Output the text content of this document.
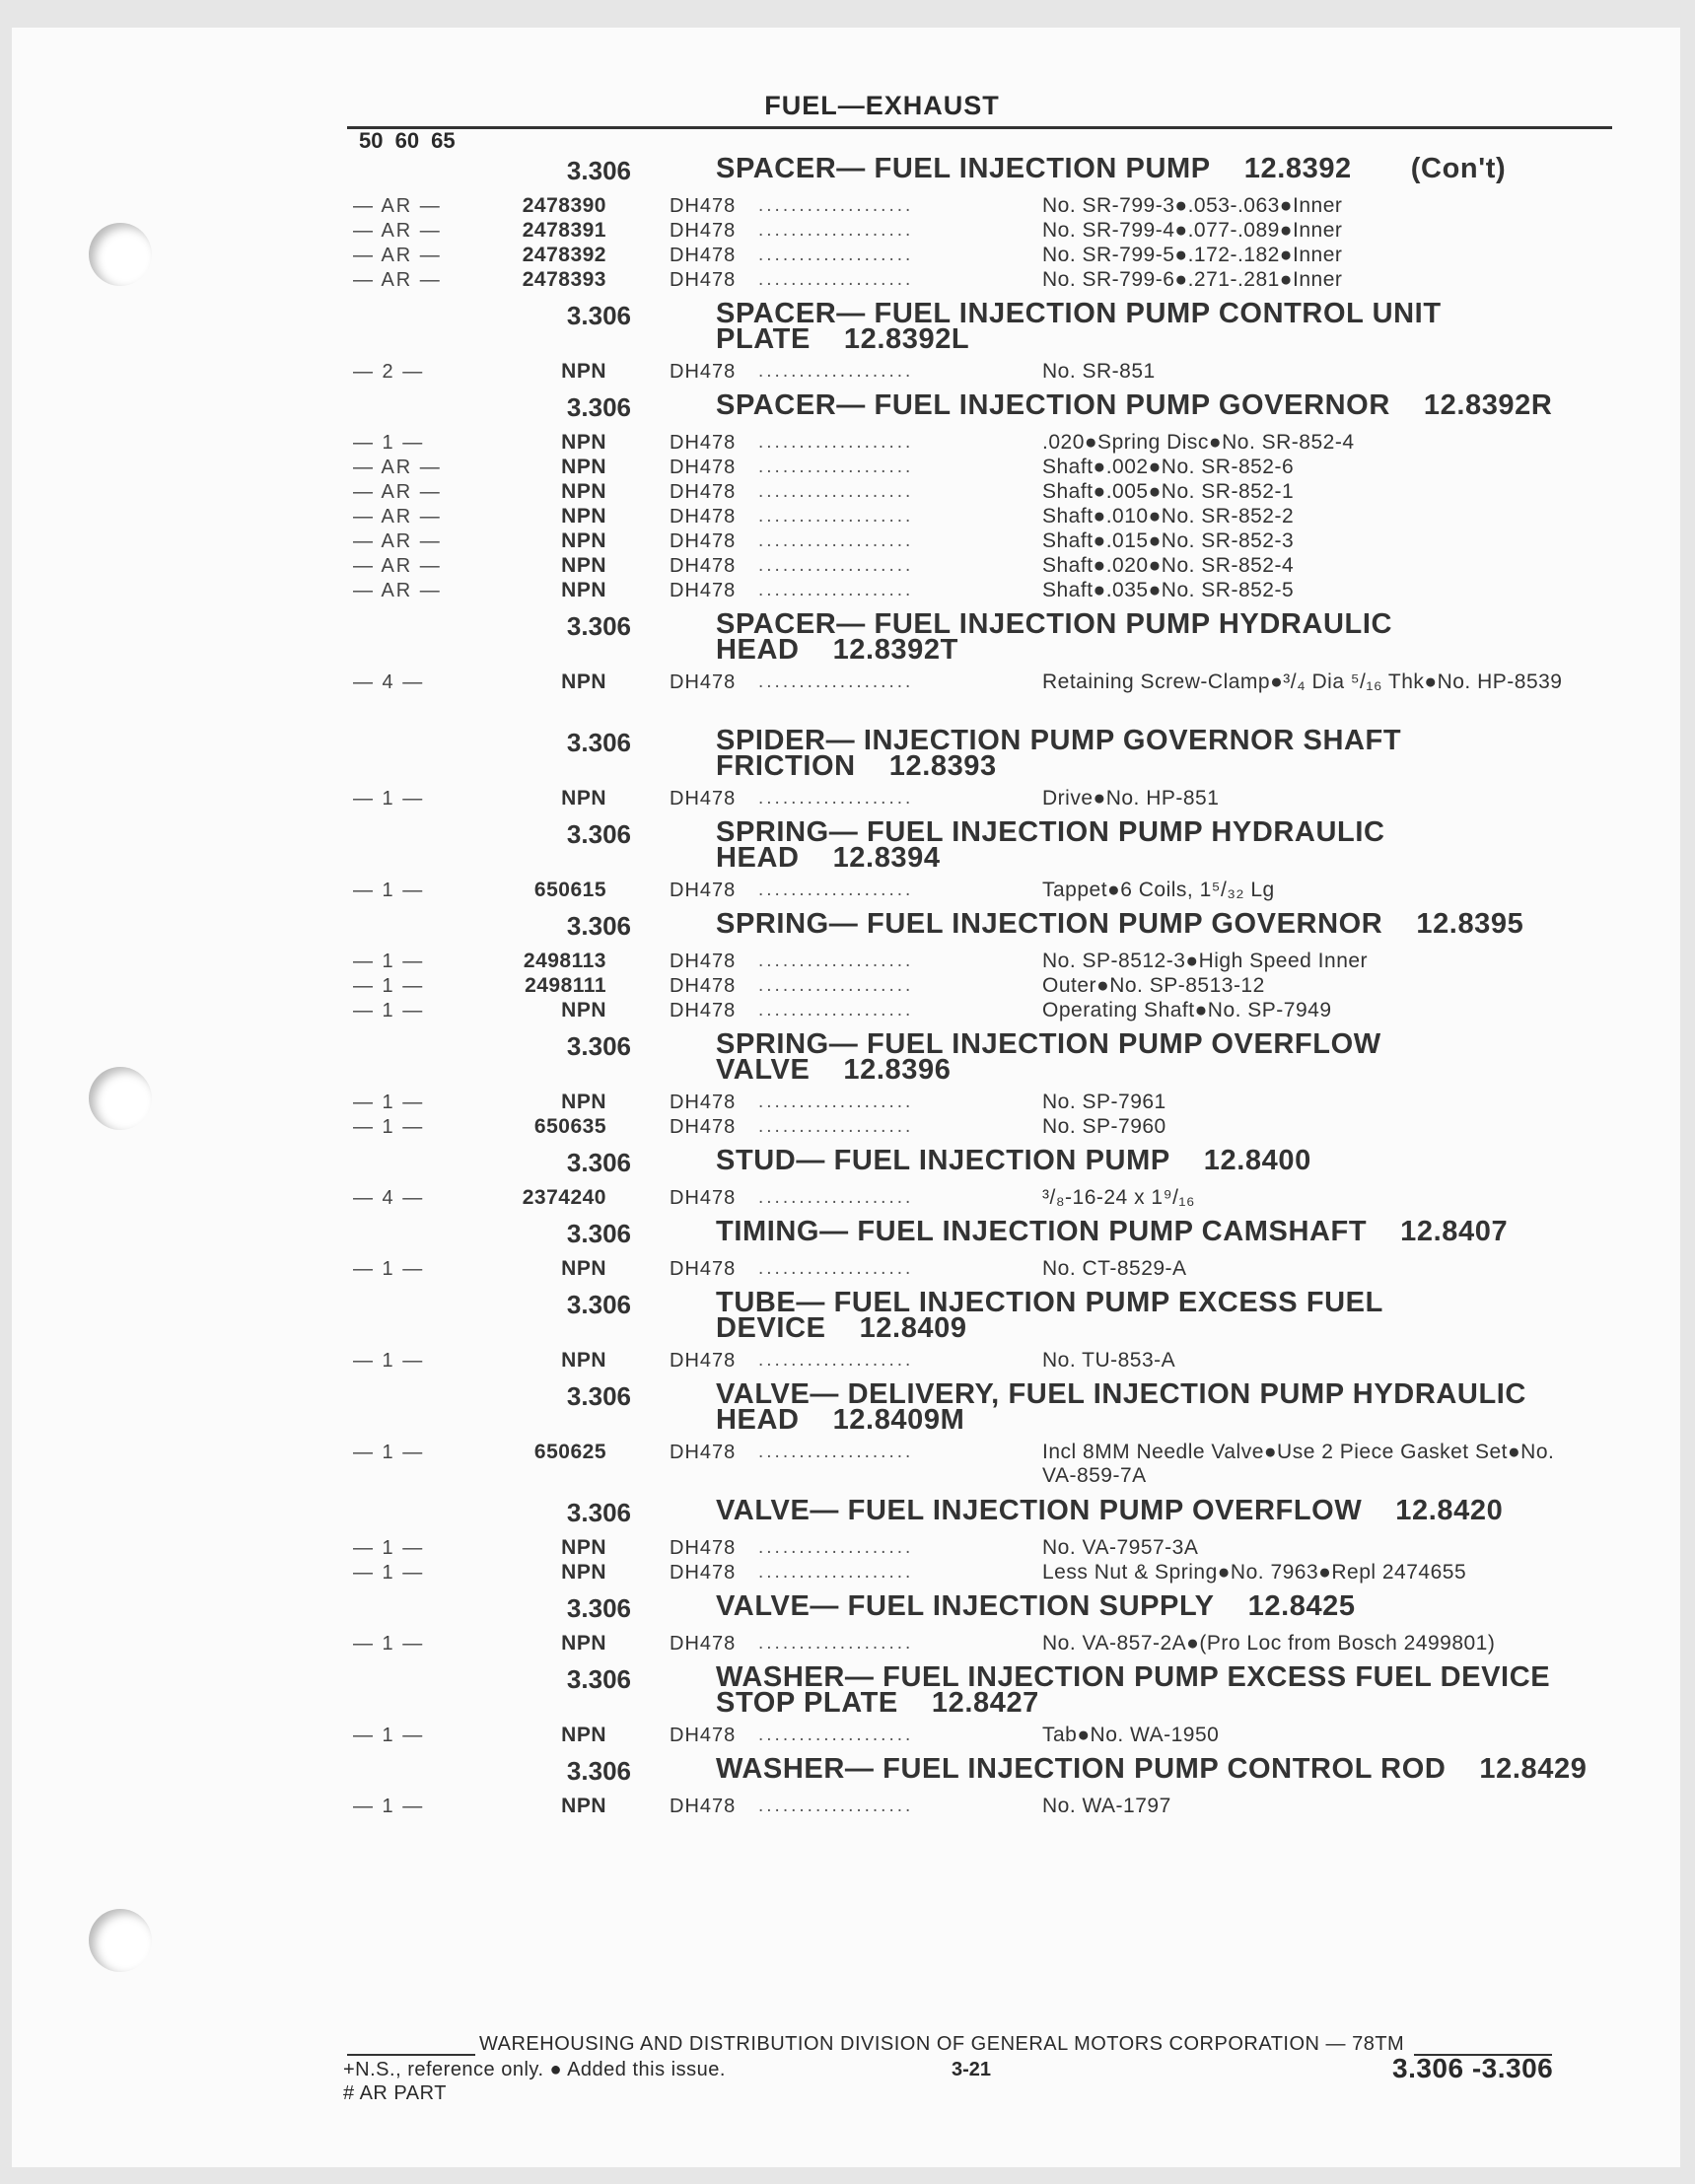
FUEL—EXHAUST
50 60 65
3.306	SPACER— FUEL INJECTION PUMP 12.8392 (Con't)
— AR —	2478390	DH478	...................	No. SR-799-3●.053-.063●Inner
— AR —	2478391	DH478	...................	No. SR-799-4●.077-.089●Inner
— AR —	2478392	DH478	...................	No. SR-799-5●.172-.182●Inner
— AR —	2478393	DH478	...................	No. SR-799-6●.271-.281●Inner
3.306	SPACER— FUEL INJECTION PUMP CONTROL UNIT PLATE 12.8392L
— 2 —	NPN	DH478	...................	No. SR-851
3.306	SPACER— FUEL INJECTION PUMP GOVERNOR 12.8392R
— 1 —	NPN	DH478	...................	.020●Spring Disc●No. SR-852-4
— AR —	NPN	DH478	...................	Shaft●.002●No. SR-852-6
— AR —	NPN	DH478	...................	Shaft●.005●No. SR-852-1
— AR —	NPN	DH478	...................	Shaft●.010●No. SR-852-2
— AR —	NPN	DH478	...................	Shaft●.015●No. SR-852-3
— AR —	NPN	DH478	...................	Shaft●.020●No. SR-852-4
— AR —	NPN	DH478	...................	Shaft●.035●No. SR-852-5
3.306	SPACER— FUEL INJECTION PUMP HYDRAULIC HEAD 12.8392T
— 4 —	NPN	DH478	...................	Retaining Screw-Clamp●³/₄ Dia ⁵/₁₆ Thk●No. HP-8539
3.306	SPIDER— INJECTION PUMP GOVERNOR SHAFT FRICTION 12.8393
— 1 —	NPN	DH478	...................	Drive●No. HP-851
3.306	SPRING— FUEL INJECTION PUMP HYDRAULIC HEAD 12.8394
— 1 —	650615	DH478	...................	Tappet●6 Coils, 1⁵/₃₂ Lg
3.306	SPRING— FUEL INJECTION PUMP GOVERNOR 12.8395
— 1 —	2498113	DH478	...................	No. SP-8512-3●High Speed Inner
— 1 —	2498111	DH478	...................	Outer●No. SP-8513-12
— 1 —	NPN	DH478	...................	Operating Shaft●No. SP-7949
3.306	SPRING— FUEL INJECTION PUMP OVERFLOW VALVE 12.8396
— 1 —	NPN	DH478	...................	No. SP-7961
— 1 —	650635	DH478	...................	No. SP-7960
3.306	STUD— FUEL INJECTION PUMP 12.8400
— 4 —	2374240	DH478	...................	³/₈-16-24 x 1⁹/₁₆
3.306	TIMING— FUEL INJECTION PUMP CAMSHAFT 12.8407
— 1 —	NPN	DH478	...................	No. CT-8529-A
3.306	TUBE— FUEL INJECTION PUMP EXCESS FUEL DEVICE 12.8409
— 1 —	NPN	DH478	...................	No. TU-853-A
3.306	VALVE— DELIVERY, FUEL INJECTION PUMP HYDRAULIC HEAD 12.8409M
— 1 —	650625	DH478	...................	Incl 8MM Needle Valve●Use 2 Piece Gasket Set●No. VA-859-7A
3.306	VALVE— FUEL INJECTION PUMP OVERFLOW 12.8420
— 1 —	NPN	DH478	...................	No. VA-7957-3A
— 1 —	NPN	DH478	...................	Less Nut & Spring●No. 7963●Repl 2474655
3.306	VALVE— FUEL INJECTION SUPPLY 12.8425
— 1 —	NPN	DH478	...................	No. VA-857-2A●(Pro Loc from Bosch 2499801)
3.306	WASHER— FUEL INJECTION PUMP EXCESS FUEL DEVICE STOP PLATE 12.8427
— 1 —	NPN	DH478	...................	Tab●No. WA-1950
3.306	WASHER— FUEL INJECTION PUMP CONTROL ROD 12.8429
— 1 —	NPN	DH478	...................	No. WA-1797
WAREHOUSING AND DISTRIBUTION DIVISION OF GENERAL MOTORS CORPORATION — 78TM
+N.S., reference only. ● Added this issue.
# AR PART
3-21	3.306 -3.306
